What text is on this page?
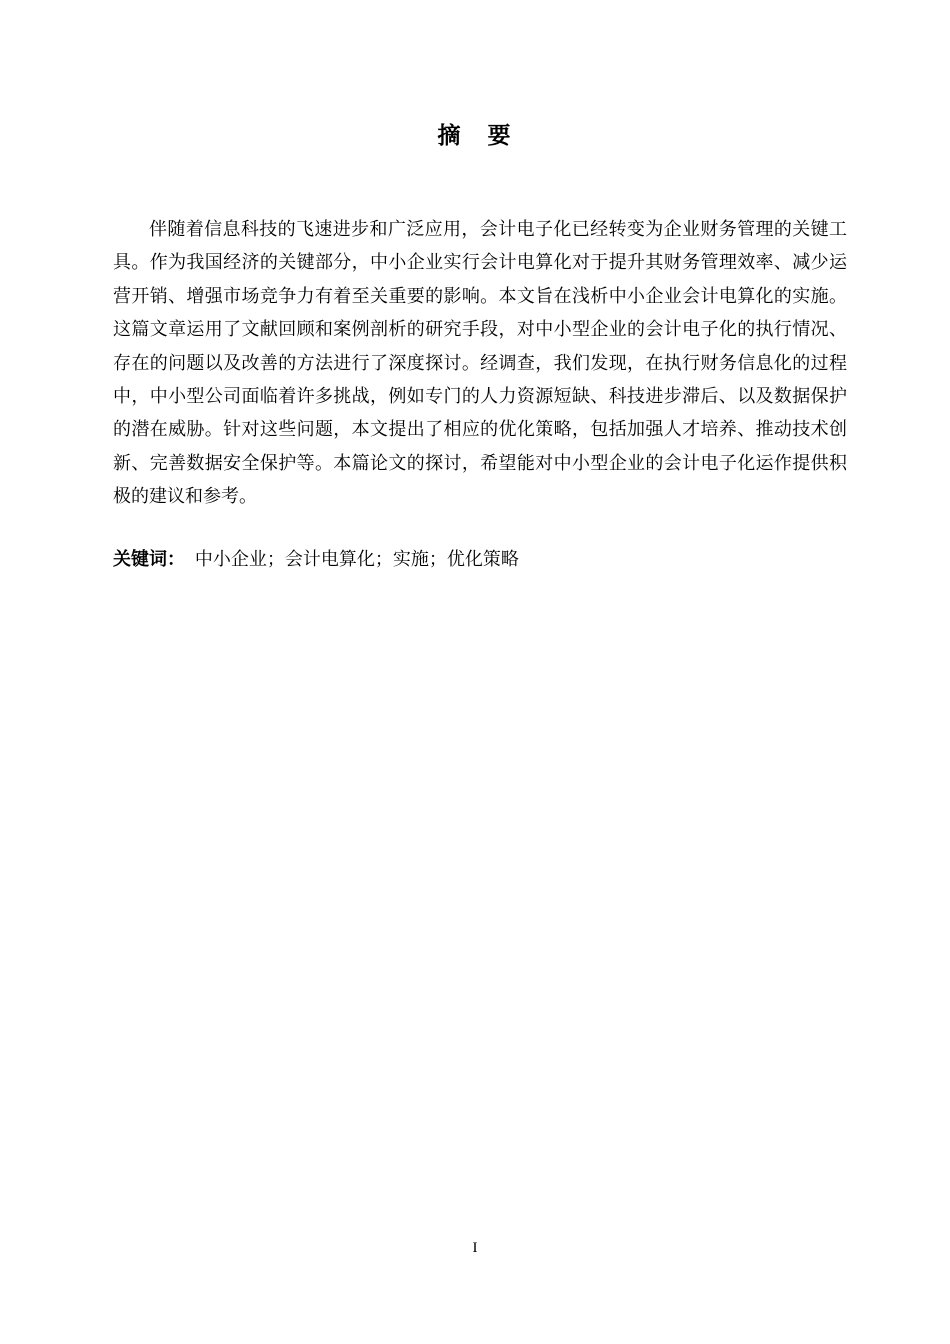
摘　要

伴随着信息科技的飞速进步和广泛应用，会计电子化已经转变为企业财务管理的关键工具。作为我国经济的关键部分，中小企业实行会计电算化对于提升其财务管理效率、减少运营开销、增强市场竞争力有着至关重要的影响。本文旨在浅析中小企业会计电算化的实施。这篇文章运用了文献回顾和案例剖析的研究手段，对中小型企业的会计电子化的执行情况、存在的问题以及改善的方法进行了深度探讨。经调查，我们发现，在执行财务信息化的过程中，中小型公司面临着许多挑战，例如专门的人力资源短缺、科技进步滞后、以及数据保护的潜在威胁。针对这些问题，本文提出了相应的优化策略，包括加强人才培养、推动技术创新、完善数据安全保护等。本篇论文的探讨，希望能对中小型企业的会计电子化运作提供积极的建议和参考。

关键词： 中小企业；会计电算化；实施；优化策略
I
